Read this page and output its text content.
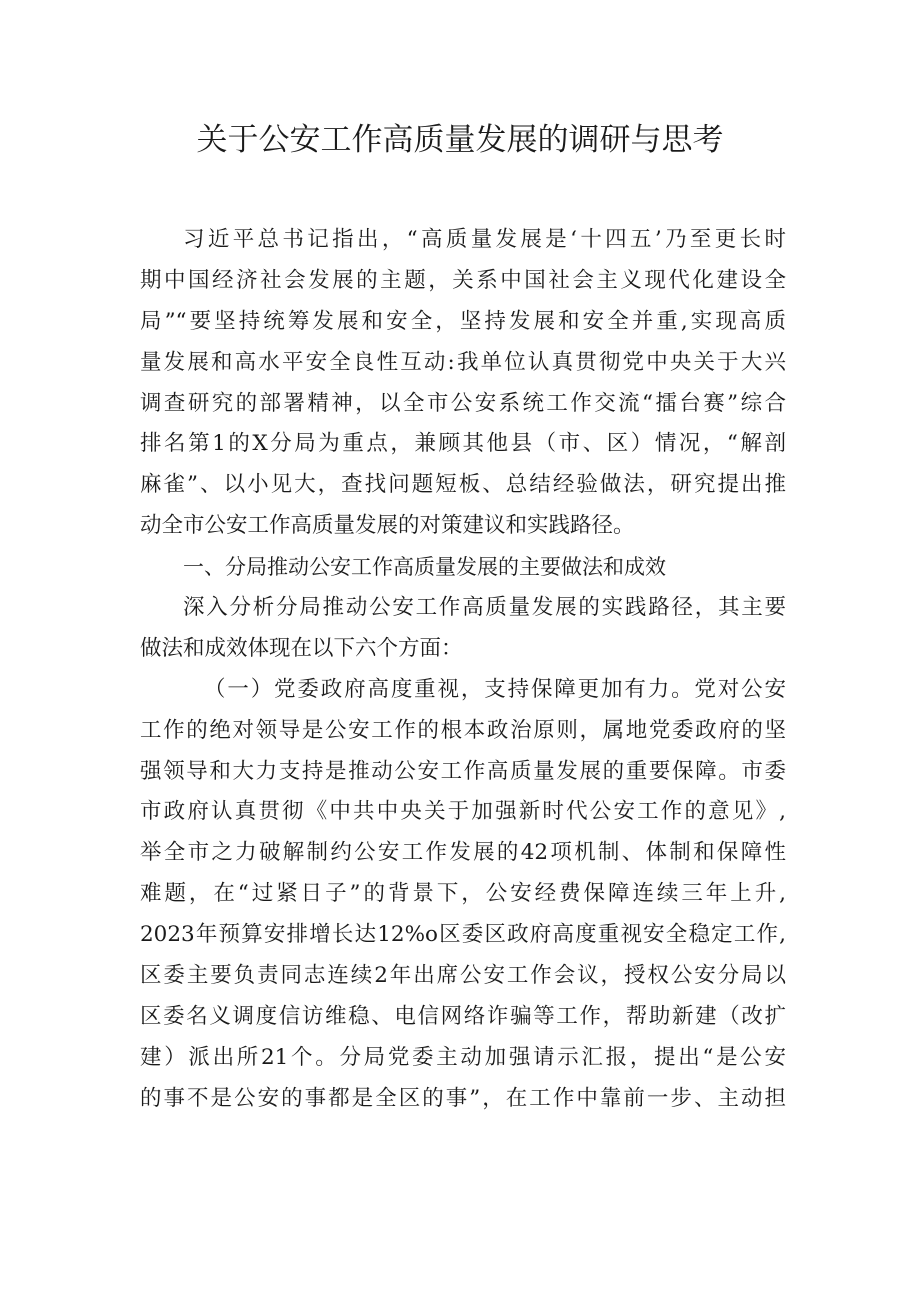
关于公安工作高质量发展的调研与思考
习近平总书记指出，“高质量发展是‘十四五’乃至更长时
期中国经济社会发展的主题，关系中国社会主义现代化建设全
局”“要坚持统筹发展和安全，坚持发展和安全并重,实现高质
量发展和高水平安全良性互动:我单位认真贯彻党中央关于大兴
调查研究的部署精神，以全市公安系统工作交流“擂台赛”综合
排名第1的X分局为重点，兼顾其他县（市、区）情况，“解剖
麻雀”、以小见大，查找问题短板、总结经验做法，研究提出推
动全市公安工作高质量发展的对策建议和实践路径。
一、分局推动公安工作高质量发展的主要做法和成效
深入分析分局推动公安工作高质量发展的实践路径，其主要
做法和成效体现在以下六个方面：
（一）党委政府高度重视，支持保障更加有力。党对公安
工作的绝对领导是公安工作的根本政治原则，属地党委政府的坚
强领导和大力支持是推动公安工作高质量发展的重要保障。市委
市政府认真贯彻《中共中央关于加强新时代公安工作的意见》,
举全市之力破解制约公安工作发展的42项机制、体制和保障性
难题，在“过紧日子”的背景下，公安经费保障连续三年上升,
2023年预算安排增长达12%o区委区政府高度重视安全稳定工作,
区委主要负责同志连续2年出席公安工作会议，授权公安分局以
区委名义调度信访维稳、电信网络诈骗等工作，帮助新建（改扩
建）派出所21个。分局党委主动加强请示汇报，提出“是公安
的事不是公安的事都是全区的事”，在工作中靠前一步、主动担
